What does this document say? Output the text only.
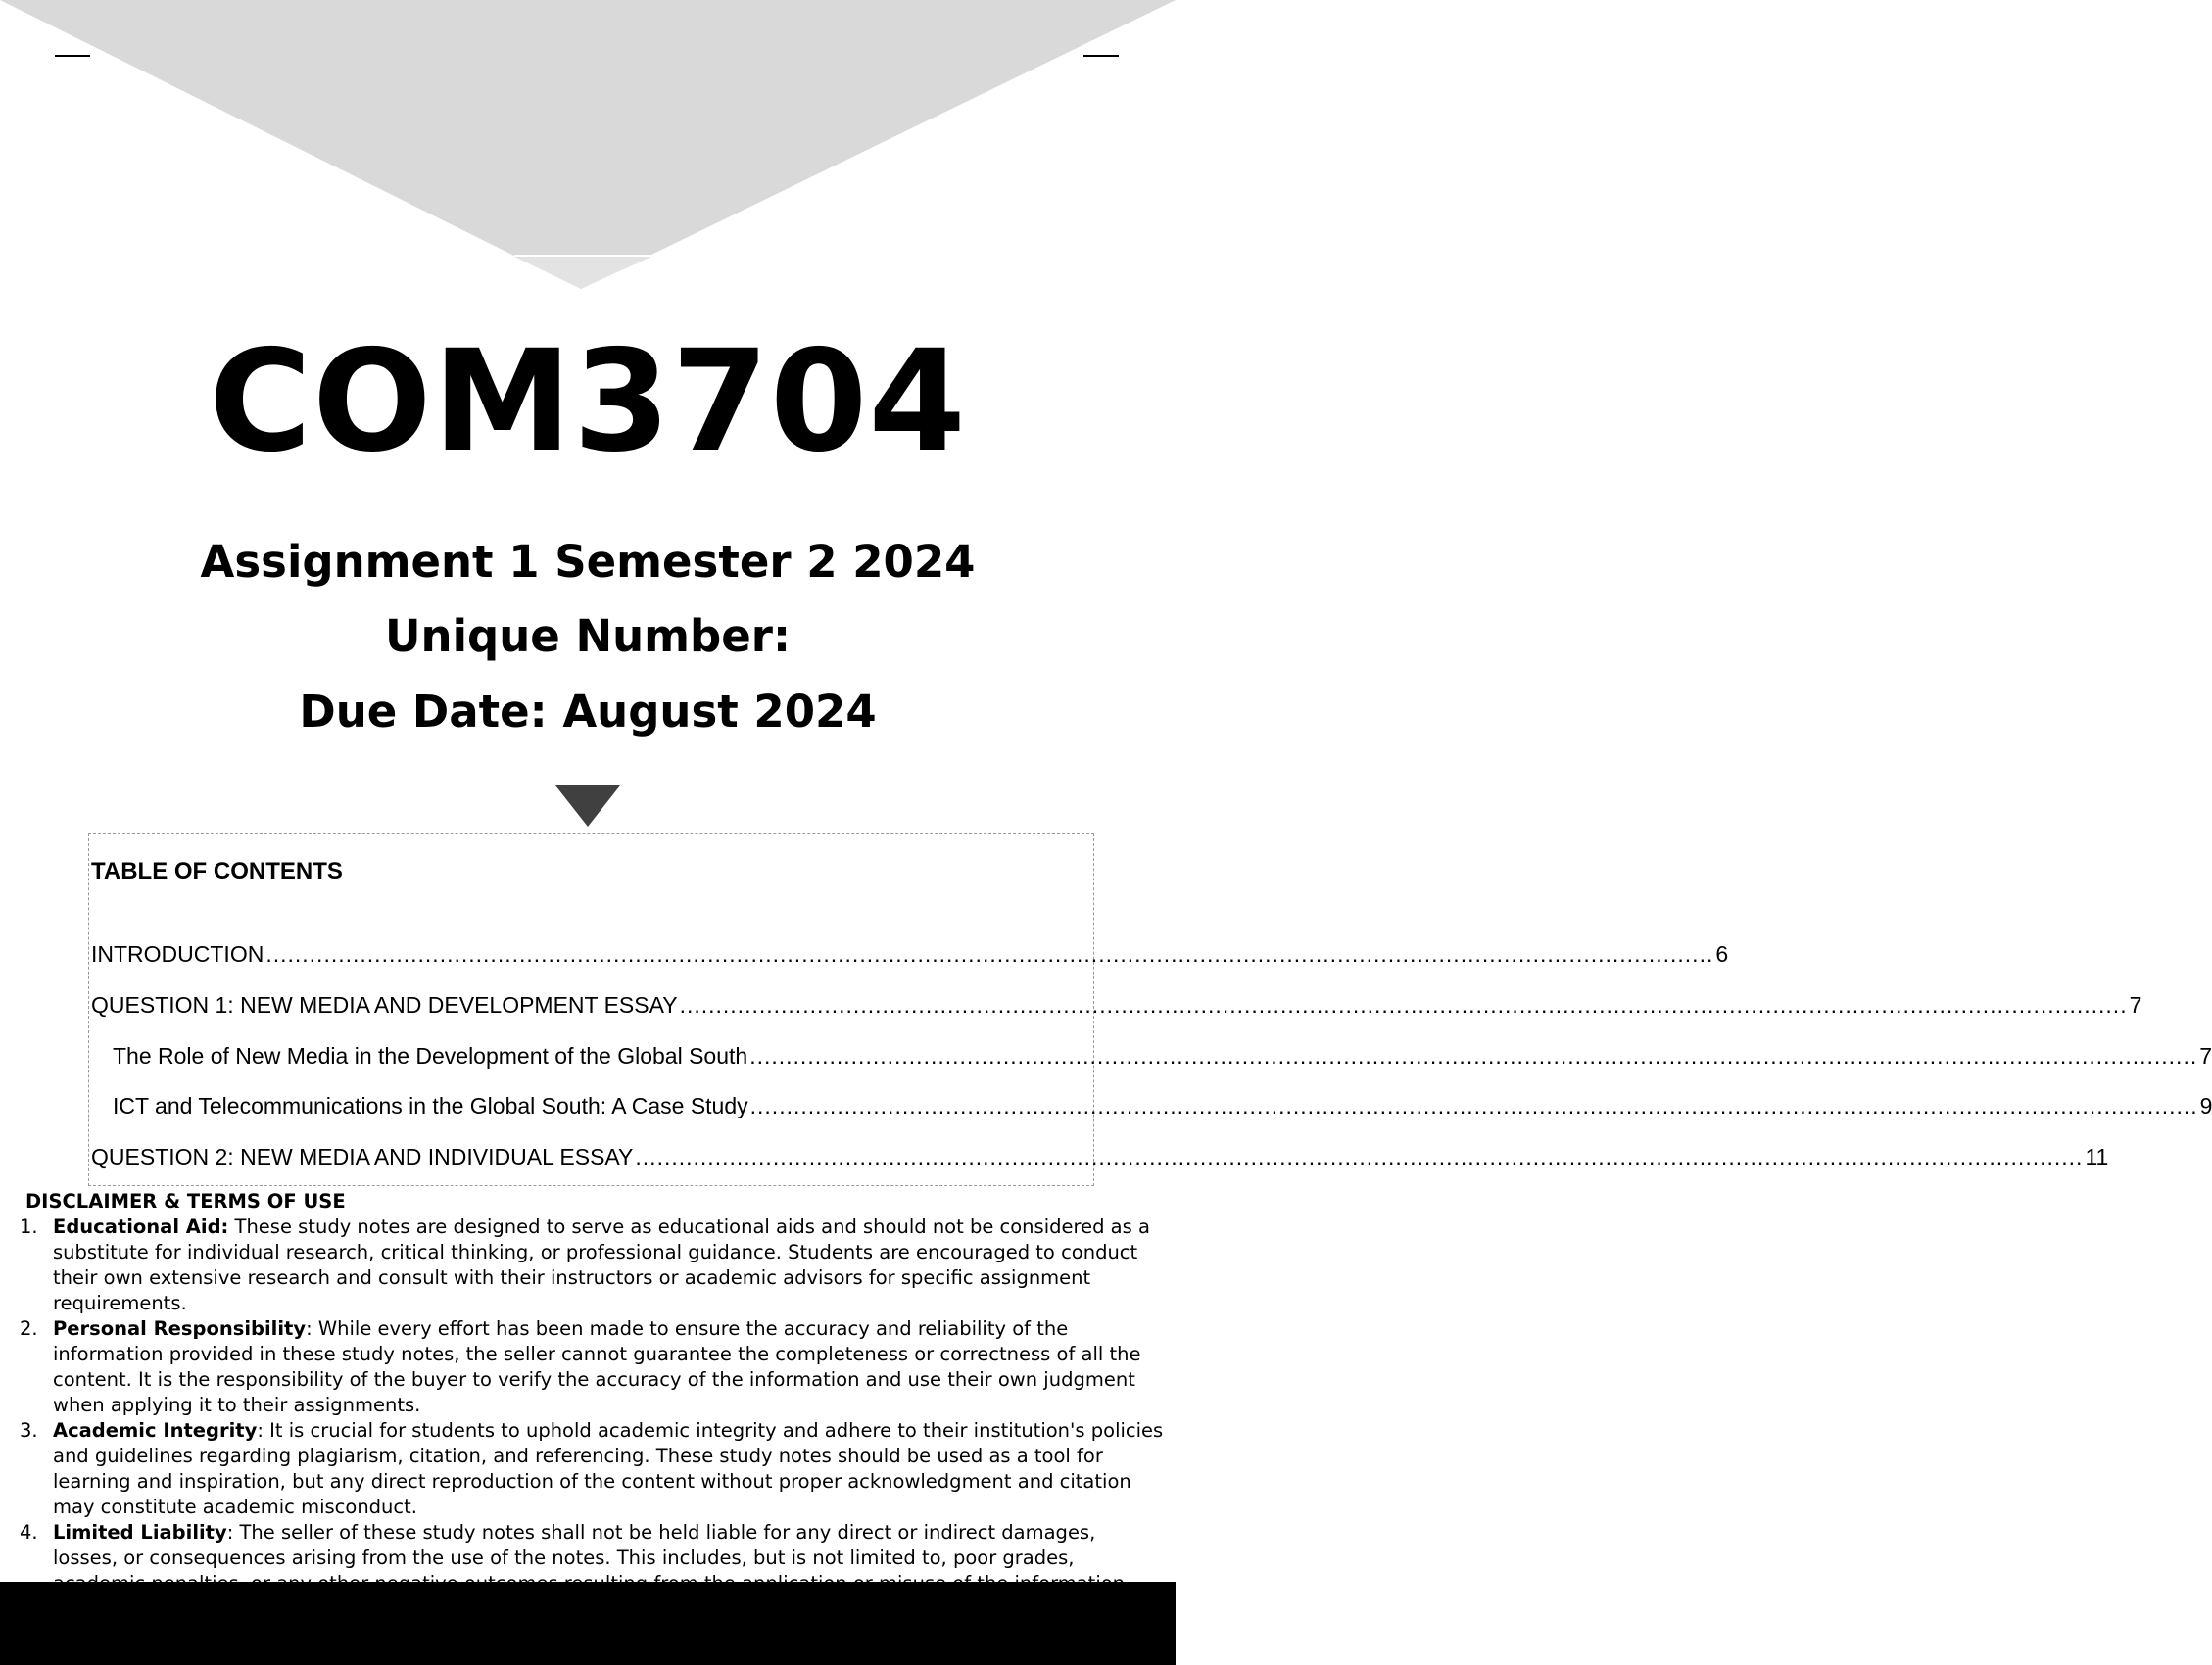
COM3704
Assignment 1 Semester 2 2024
Unique Number:
Due Date: August 2024
TABLE OF CONTENTS
INTRODUCTION ........................................................................................................................................................................................................ 6
QUESTION 1: NEW MEDIA AND DEVELOPMENT ESSAY ........................................................................................................................................................................................................ 7
The Role of New Media in the Development of the Global South ........................................................................................................................................................................................................ 7
ICT and Telecommunications in the Global South: A Case Study ........................................................................................................................................................................................................ 9
QUESTION 2: NEW MEDIA AND INDIVIDUAL ESSAY ........................................................................................................................................................................................................ 11
DISCLAIMER & TERMS OF USE
1. Educational Aid: These study notes are designed to serve as educational aids and should not be considered as a substitute for individual research, critical thinking, or professional guidance. Students are encouraged to conduct their own extensive research and consult with their instructors or academic advisors for specific assignment requirements.
2. Personal Responsibility: While every effort has been made to ensure the accuracy and reliability of the information provided in these study notes, the seller cannot guarantee the completeness or correctness of all the content. It is the responsibility of the buyer to verify the accuracy of the information and use their own judgment when applying it to their assignments.
3. Academic Integrity: It is crucial for students to uphold academic integrity and adhere to their institution's policies and guidelines regarding plagiarism, citation, and referencing. These study notes should be used as a tool for learning and inspiration, but any direct reproduction of the content without proper acknowledgment and citation may constitute academic misconduct.
4. Limited Liability: The seller of these study notes shall not be held liable for any direct or indirect damages, losses, or consequences arising from the use of the notes. This includes, but is not limited to, poor grades,
